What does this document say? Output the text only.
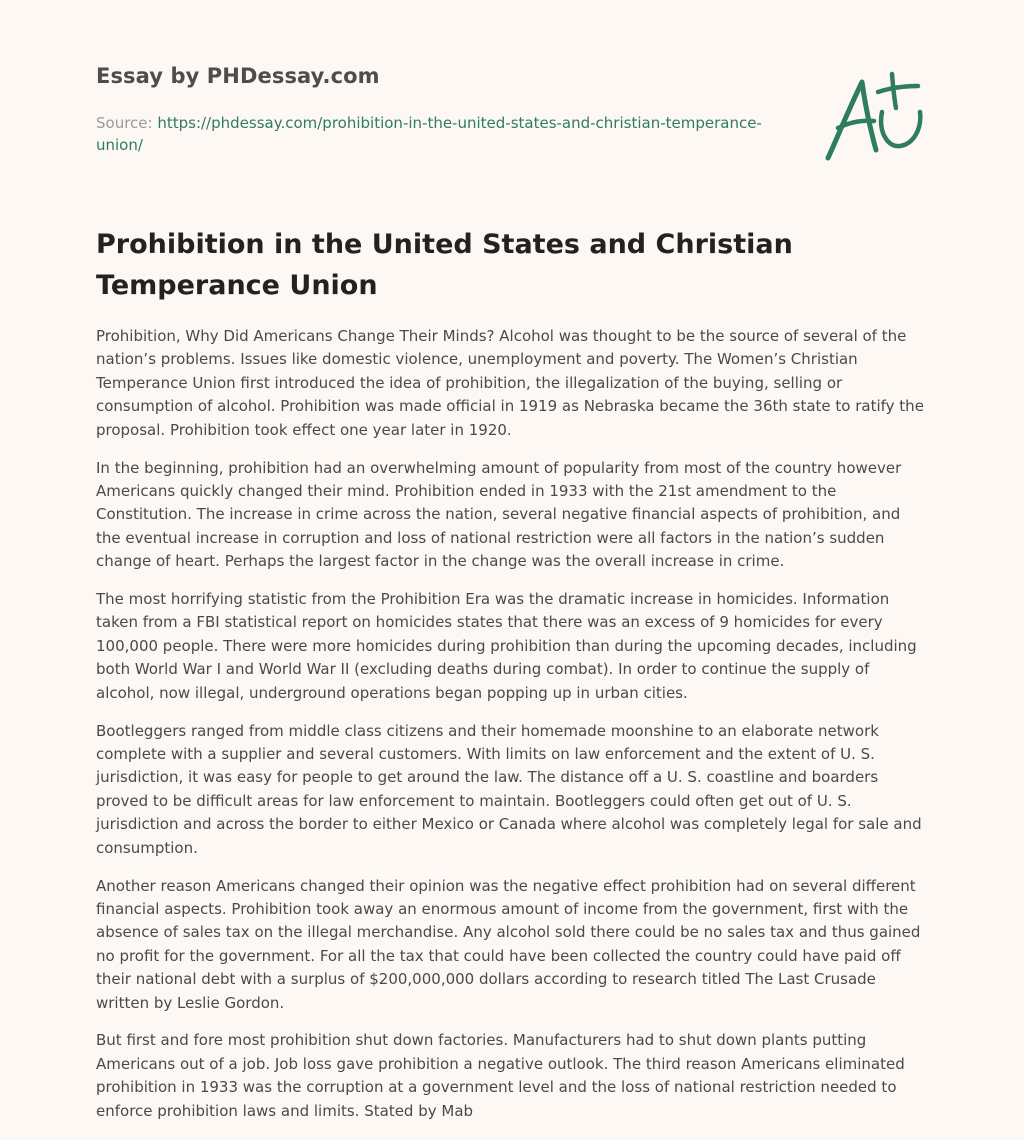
Essay by PHDessay.com
Source: https://phdessay.com/prohibition-in-the-united-states-and-christian-temperance-union/
Prohibition in the United States and Christian Temperance Union

Prohibition, Why Did Americans Change Their Minds? Alcohol was thought to be the source of several of the nation’s problems. Issues like domestic violence, unemployment and poverty. The Women’s Christian Temperance Union first introduced the idea of prohibition, the illegalization of the buying, selling or consumption of alcohol. Prohibition was made official in 1919 as Nebraska became the 36th state to ratify the proposal. Prohibition took effect one year later in 1920.

In the beginning, prohibition had an overwhelming amount of popularity from most of the country however Americans quickly changed their mind. Prohibition ended in 1933 with the 21st amendment to the Constitution. The increase in crime across the nation, several negative financial aspects of prohibition, and the eventual increase in corruption and loss of national restriction were all factors in the nation’s sudden change of heart. Perhaps the largest factor in the change was the overall increase in crime.

The most horrifying statistic from the Prohibition Era was the dramatic increase in homicides. Information taken from a FBI statistical report on homicides states that there was an excess of 9 homicides for every 100,000 people. There were more homicides during prohibition than during the upcoming decades, including both World War I and World War II (excluding deaths during combat). In order to continue the supply of alcohol, now illegal, underground operations began popping up in urban cities.

Bootleggers ranged from middle class citizens and their homemade moonshine to an elaborate network complete with a supplier and several customers. With limits on law enforcement and the extent of U. S. jurisdiction, it was easy for people to get around the law. The distance off a U. S. coastline and boarders proved to be difficult areas for law enforcement to maintain. Bootleggers could often get out of U. S. jurisdiction and across the border to either Mexico or Canada where alcohol was completely legal for sale and consumption.

Another reason Americans changed their opinion was the negative effect prohibition had on several different financial aspects. Prohibition took away an enormous amount of income from the government, first with the absence of sales tax on the illegal merchandise. Any alcohol sold there could be no sales tax and thus gained no profit for the government. For all the tax that could have been collected the country could have paid off their national debt with a surplus of $200,000,000 dollars according to research titled The Last Crusade written by Leslie Gordon.

But first and fore most prohibition shut down factories. Manufacturers had to shut down plants putting Americans out of a job. Job loss gave prohibition a negative outlook. The third reason Americans eliminated prohibition in 1933 was the corruption at a government level and the loss of national restriction needed to enforce prohibition laws and limits. Stated by Mab
